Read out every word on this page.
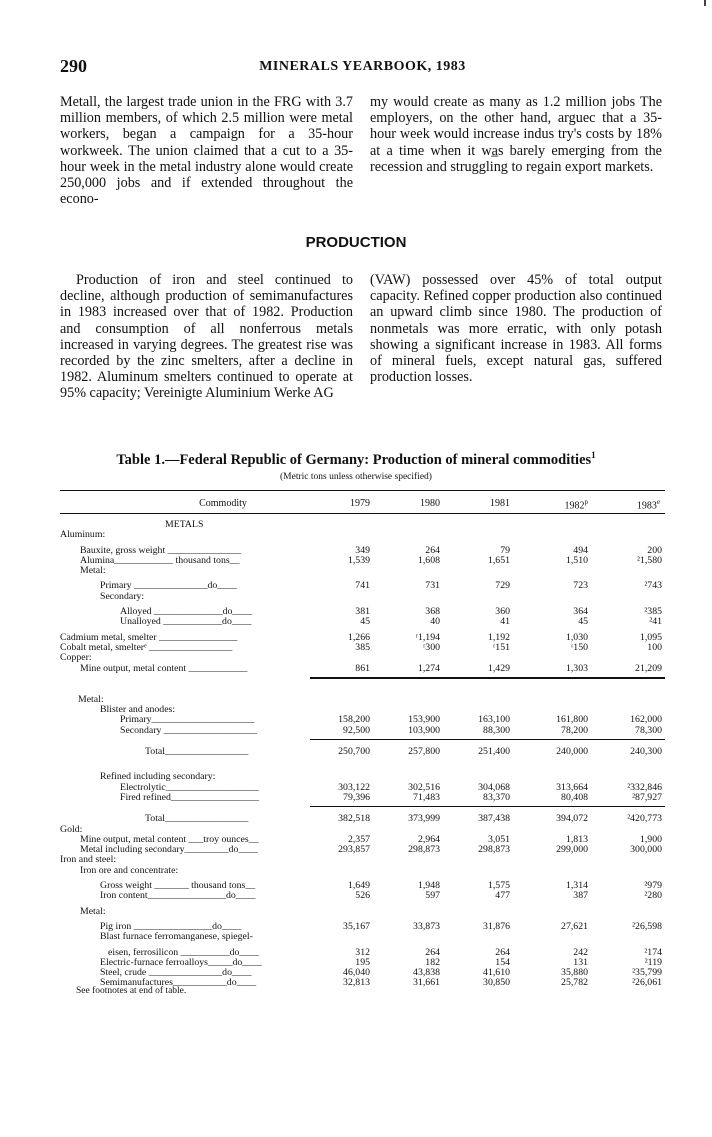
290	MINERALS YEARBOOK, 1983

Metall, the largest trade union in the FRG with 3.7 million members, of which 2.5 million were metal workers, began a campaign for a 35-hour workweek. The union claimed that a cut to a 35-hour week in the metal industry alone would create 250,000 jobs and if extended throughout the econo-

my would create as many as 1.2 million jobs The employers, on the other hand, arguec that a 35-hour week would increase indus try's costs by 18% at a time when it wa̲s barely emerging from the recession and struggling to regain export markets.

PRODUCTION

Production of iron and steel continued to decline, although production of semimanufactures in 1983 increased over that of 1982. Production and consumption of all nonferrous metals increased in varying degrees. The greatest rise was recorded by the zinc smelters, after a decline in 1982. Aluminum smelters continued to operate at 95% capacity; Vereinigte Aluminium Werke AG

(VAW) possessed over 45% of total output capacity. Refined copper production also continued an upward climb since 1980. The production of nonmetals was more erratic, with only potash showing a significant increase in 1983. All forms of mineral fuels, except natural gas, suffered production losses.

Table 1.—Federal Republic of Germany: Production of mineral commodities$^1$
(Metric tons unless otherwise specified)
Commodity	1979	1980	1981	1982$^p$	1983e
METALS
Aluminum:
Bauxite, gross weight _______________	349	264	79	494	200
Alumina____________ thousand tons__	1,539	1,608	1,651	1,510	²1,580
Metal:
Primary _______________do____	741	731	729	723	²743
Secondary:
Alloyed ______________do____	381	368	360	364	²385
Unalloyed ____________do____	45	40	41	45	²41
Cadmium metal, smelter ________________	1,266	ʳ1,194	1,192	1,030	1,095
Cobalt metal, smelterᵉ _________________	385	ʳ300	ʳ151	ʳ150	100
Copper:
Mine output, metal content ____________	861	1,274	1,429	1,303	21,209
Metal:
Blister and anodes:
Primary_____________________	158,200	153,900	163,100	161,800	162,000
Secondary ___________________	92,500	103,900	88,300	78,200	78,300
Total_________________	250,700	257,800	251,400	240,000	240,300
Refined including secondary:
Electrolytic___________________	303,122	302,516	304,068	313,664	²332,846
Fired refined__________________	79,396	71,483	83,370	80,408	²87,927
Total_________________	382,518	373,999	387,438	394,072	²420,773
Gold:
Mine output, metal content ___troy ounces__	2,357	2,964	3,051	1,813	1,900
Metal including secondary_________do____	293,857	298,873	298,873	299,000	300,000
Iron and steel:
Iron ore and concentrate:
Gross weight _______ thousand tons__	1,649	1,948	1,575	1,314	²979
Iron content________________do____	526	597	477	387	²280
Metal:
Pig iron ________________do____	35,167	33,873	31,876	27,621	²26,598
Blast furnace ferromanganese, spiegel-
eisen, ferrosilicon __________do____	312	264	264	242	²174
Electric-furnace ferroalloys_____do____	195	182	154	131	²119
Steel, crude _______________do____	46,040	43,838	41,610	35,880	²35,799
Semimanufactures___________do____	32,813	31,661	30,850	25,782	²26,061
See footnotes at end of table.
